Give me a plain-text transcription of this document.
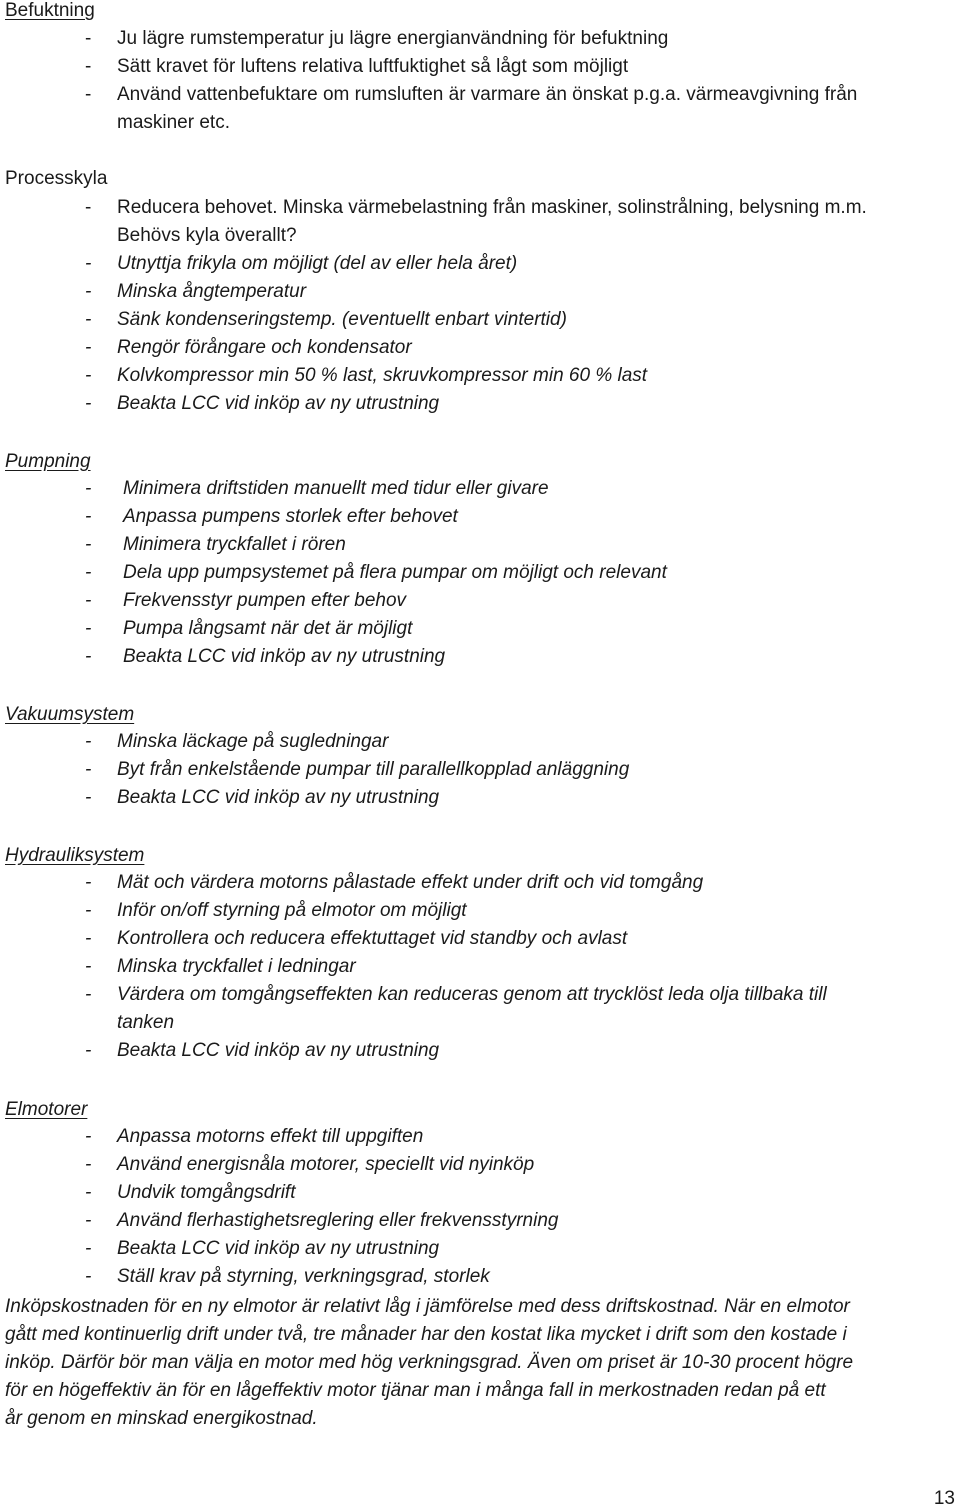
Befuktning
- Ju lägre rumstemperatur ju lägre energianvändning för befuktning
- Sätt kravet för luftens relativa luftfuktighet så lågt som möjligt
- Använd vattenbefuktare om rumsluften är varmare än önskat p.g.a. värmeavgivning från
maskiner etc.
Processkyla
- Reducera behovet. Minska värmebelastning från maskiner, solinstrålning, belysning m.m.
Behövs kyla överallt?
- Utnyttja frikyla om möjligt (del av eller hela året)
- Minska ångtemperatur
- Sänk kondenseringstemp. (eventuellt enbart vintertid)
- Rengör förångare och kondensator
- Kolvkompressor min 50 % last, skruvkompressor min 60 % last
- Beakta LCC vid inköp av ny utrustning
Pumpning
- Minimera driftstiden manuellt med tidur eller givare
- Anpassa pumpens storlek efter behovet
- Minimera tryckfallet i rören
- Dela upp pumpsystemet på flera pumpar om möjligt och relevant
- Frekvensstyr pumpen efter behov
- Pumpa långsamt när det är möjligt
- Beakta LCC vid inköp av ny utrustning
Vakuumsystem
- Minska läckage på sugledningar
- Byt från enkelstående pumpar till parallellkopplad anläggning
- Beakta LCC vid inköp av ny utrustning
Hydrauliksystem
- Mät och värdera motorns pålastade effekt under drift och vid tomgång
- Inför on/off styrning på elmotor om möjligt
- Kontrollera och reducera effektuttaget vid standby och avlast
- Minska tryckfallet i ledningar
- Värdera om tomgångseffekten kan reduceras genom att trycklöst leda olja tillbaka till
tanken
- Beakta LCC vid inköp av ny utrustning
Elmotorer
- Anpassa motorns effekt till uppgiften
- Använd energisnåla motorer, speciellt vid nyinköp
- Undvik tomgångsdrift
- Använd flerhastighetsreglering eller frekvensstyrning
- Beakta LCC vid inköp av ny utrustning
- Ställ krav på styrning, verkningsgrad, storlek
Inköpskostnaden för en ny elmotor är relativt låg i jämförelse med dess driftskostnad. När en elmotor
gått med kontinuerlig drift under två, tre månader har den kostat lika mycket i drift som den kostade i
inköp. Därför bör man välja en motor med hög verkningsgrad. Även om priset är 10-30 procent högre
för en högeffektiv än för en lågeffektiv motor tjänar man i många fall in merkostnaden redan på ett
år genom en minskad energikostnad.
13
